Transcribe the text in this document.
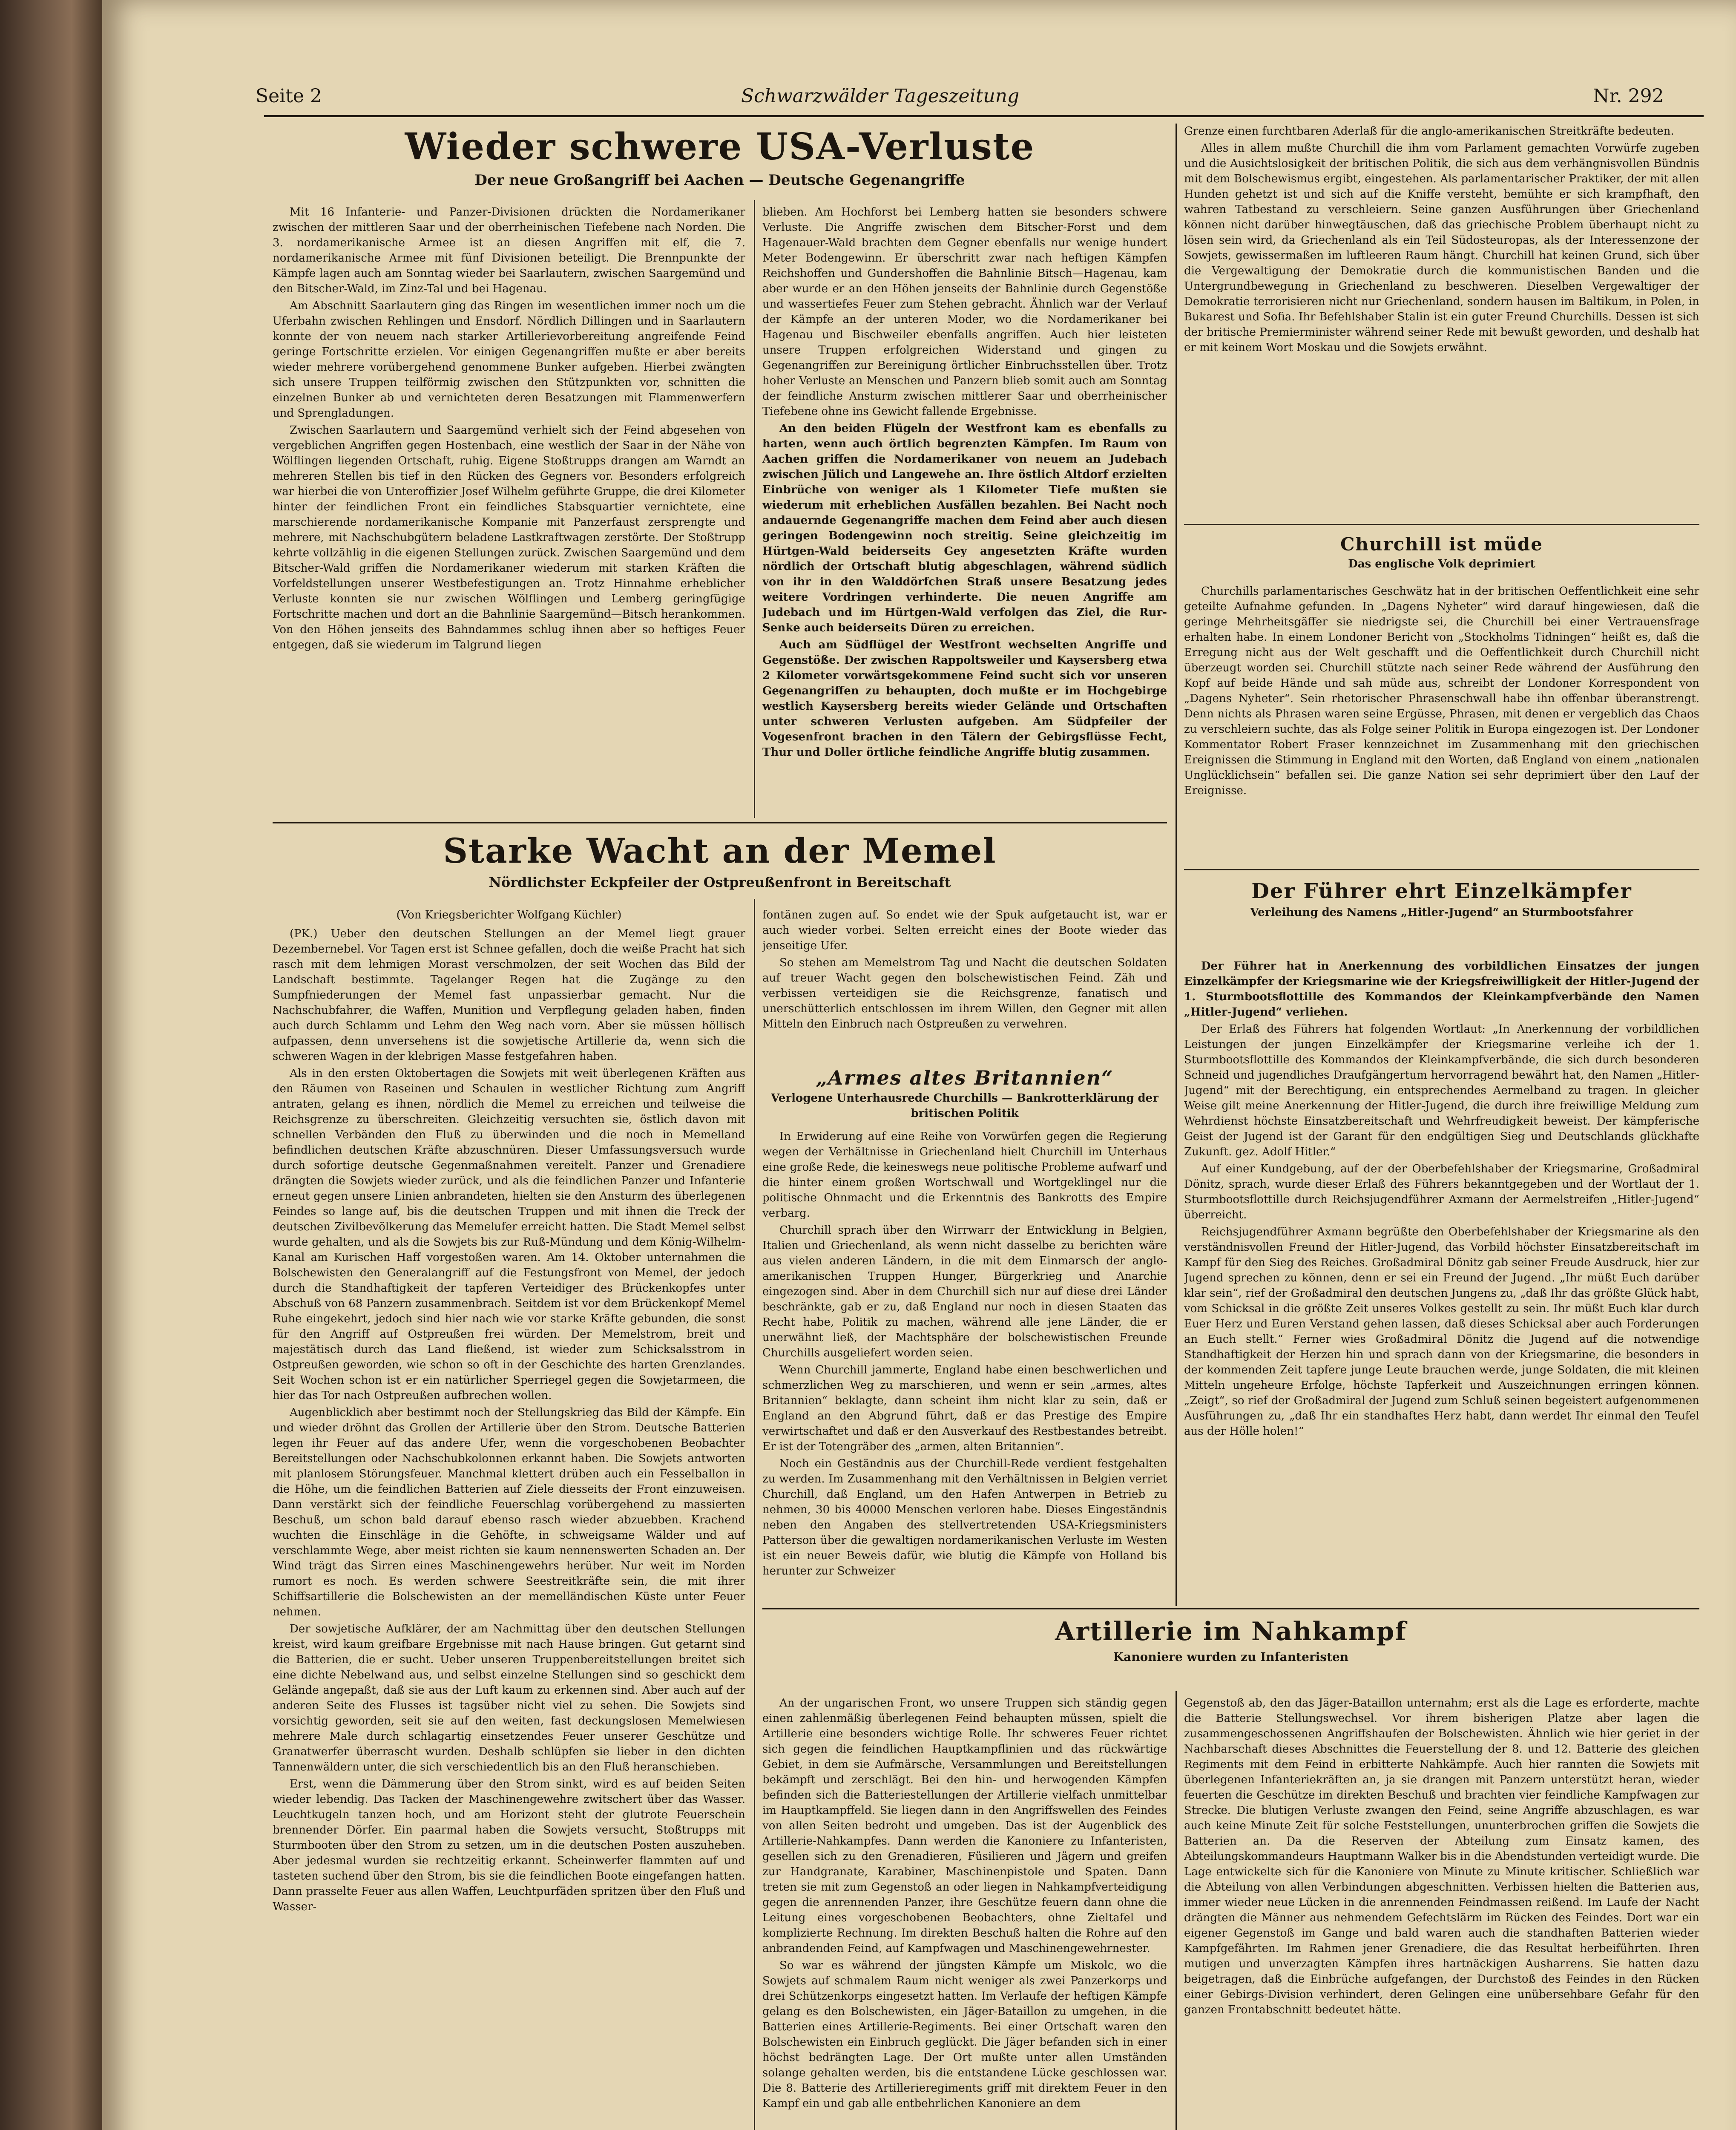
Seite 2	Schwarzwälder Tageszeitung	Nr. 292
Wieder schwere USA-Verluste

Der neue Großangriff bei Aachen — Deutsche Gegenangriffe

Mit 16 Infanterie- und Panzer-Divisionen drückten die Nordamerikaner zwischen der mittleren Saar und der oberrheinischen Tiefebene nach Norden. Die 3. nordamerikanische Armee ist an diesen Angriffen mit elf, die 7. nordamerikanische Armee mit fünf Divisionen beteiligt. Die Brennpunkte der Kämpfe lagen auch am Sonntag wieder bei Saarlautern, zwischen Saargemünd und den Bitscher-Wald, im Zinz-Tal und bei Hagenau.

Am Abschnitt Saarlautern ging das Ringen im wesentlichen immer noch um die Uferbahn zwischen Rehlingen und Ensdorf. Nördlich Dillingen und in Saarlautern konnte der von neuem nach starker Artillerievorbereitung angreifende Feind geringe Fortschritte erzielen. Vor einigen Gegenangriffen mußte er aber bereits wieder mehrere vorübergehend genommene Bunker aufgeben. Hierbei zwängten sich unsere Truppen teilförmig zwischen den Stützpunkten vor, schnitten die einzelnen Bunker ab und vernichteten deren Besatzungen mit Flammenwerfern und Sprengladungen.

Zwischen Saarlautern und Saargemünd verhielt sich der Feind abgesehen von vergeblichen Angriffen gegen Hostenbach, eine westlich der Saar in der Nähe von Wölflingen liegenden Ortschaft, ruhig. Eigene Stoßtrupps drangen am Warndt an mehreren Stellen bis tief in den Rücken des Gegners vor. Besonders erfolgreich war hierbei die von Unteroffizier Josef Wilhelm geführte Gruppe, die drei Kilometer hinter der feindlichen Front ein feindliches Stabsquartier vernichtete, eine marschierende nordamerikanische Kompanie mit Panzerfaust zersprengte und mehrere, mit Nachschubgütern beladene Lastkraftwagen zerstörte. Der Stoßtrupp kehrte vollzählig in die eigenen Stellungen zurück. Zwischen Saargemünd und dem Bitscher-Wald griffen die Nordamerikaner wiederum mit starken Kräften die Vorfeldstellungen unserer Westbefestigungen an. Trotz Hinnahme erheblicher Verluste konnten sie nur zwischen Wölflingen und Lemberg geringfügige Fortschritte machen und dort an die Bahnlinie Saargemünd—Bitsch herankommen. Von den Höhen jenseits des Bahndammes schlug ihnen aber so heftiges Feuer entgegen, daß sie wiederum im Talgrund liegen

blieben. Am Hochforst bei Lemberg hatten sie besonders schwere Verluste. Die Angriffe zwischen dem Bitscher-Forst und dem Hagenauer-Wald brachten dem Gegner ebenfalls nur wenige hundert Meter Bodengewinn. Er überschritt zwar nach heftigen Kämpfen Reichshoffen und Gundershoffen die Bahnlinie Bitsch—Hagenau, kam aber wurde er an den Höhen jenseits der Bahnlinie durch Gegenstöße und wassertiefes Feuer zum Stehen gebracht. Ähnlich war der Verlauf der Kämpfe an der unteren Moder, wo die Nordamerikaner bei Hagenau und Bischweiler ebenfalls angriffen. Auch hier leisteten unsere Truppen erfolgreichen Widerstand und gingen zu Gegenangriffen zur Bereinigung örtlicher Einbruchsstellen über. Trotz hoher Verluste an Menschen und Panzern blieb somit auch am Sonntag der feindliche Ansturm zwischen mittlerer Saar und oberrheinischer Tiefebene ohne ins Gewicht fallende Ergebnisse.

An den beiden Flügeln der Westfront kam es ebenfalls zu harten, wenn auch örtlich begrenzten Kämpfen. Im Raum von Aachen griffen die Nordamerikaner von neuem an Judebach zwischen Jülich und Langewehe an. Ihre östlich Altdorf erzielten Einbrüche von weniger als 1 Kilometer Tiefe mußten sie wiederum mit erheblichen Ausfällen bezahlen. Bei Nacht noch andauernde Gegenangriffe machen dem Feind aber auch diesen geringen Bodengewinn noch streitig. Seine gleichzeitig im Hürtgen-Wald beiderseits Gey angesetzten Kräfte wurden nördlich der Ortschaft blutig abgeschlagen, während südlich von ihr in den Walddörfchen Straß unsere Besatzung jedes weitere Vordringen verhinderte. Die neuen Angriffe am Judebach und im Hürtgen-Wald verfolgen das Ziel, die Rur-Senke auch beiderseits Düren zu erreichen.

Auch am Südflügel der Westfront wechselten Angriffe und Gegenstöße. Der zwischen Rappoltsweiler und Kaysersberg etwa 2 Kilometer vorwärtsgekommene Feind sucht sich vor unseren Gegenangriffen zu behaupten, doch mußte er im Hochgebirge westlich Kaysersberg bereits wieder Gelände und Ortschaften unter schweren Verlusten aufgeben. Am Südpfeiler der Vogesenfront brachen in den Tälern der Gebirgsflüsse Fecht, Thur und Doller örtliche feindliche Angriffe blutig zusammen.

Starke Wacht an der Memel

Nördlichster Eckpfeiler der Ostpreußenfront in Bereitschaft

(Von Kriegsberichter Wolfgang Küchler)

(PK.) Ueber den deutschen Stellungen an der Memel liegt grauer Dezembernebel. Vor Tagen erst ist Schnee gefallen, doch die weiße Pracht hat sich rasch mit dem lehmigen Morast verschmolzen, der seit Wochen das Bild der Landschaft bestimmte. Tagelanger Regen hat die Zugänge zu den Sumpfniederungen der Memel fast unpassierbar gemacht. Nur die Nachschubfahrer, die Waffen, Munition und Verpflegung geladen haben, finden auch durch Schlamm und Lehm den Weg nach vorn. Aber sie müssen höllisch aufpassen, denn unversehens ist die sowjetische Artillerie da, wenn sich die schweren Wagen in der klebrigen Masse festgefahren haben.

Als in den ersten Oktobertagen die Sowjets mit weit überlegenen Kräften aus den Räumen von Raseinen und Schaulen in westlicher Richtung zum Angriff antraten, gelang es ihnen, nördlich die Memel zu erreichen und teilweise die Reichsgrenze zu überschreiten. Gleichzeitig versuchten sie, östlich davon mit schnellen Verbänden den Fluß zu überwinden und die noch in Memelland befindlichen deutschen Kräfte abzuschnüren. Dieser Umfassungsversuch wurde durch sofortige deutsche Gegenmaßnahmen vereitelt. Panzer und Grenadiere drängten die Sowjets wieder zurück, und als die feindlichen Panzer und Infanterie erneut gegen unsere Linien anbrandeten, hielten sie den Ansturm des überlegenen Feindes so lange auf, bis die deutschen Truppen und mit ihnen die Treck der deutschen Zivilbevölkerung das Memelufer erreicht hatten. Die Stadt Memel selbst wurde gehalten, und als die Sowjets bis zur Ruß-Mündung und dem König-Wilhelm-Kanal am Kurischen Haff vorgestoßen waren. Am 14. Oktober unternahmen die Bolschewisten den Generalangriff auf die Festungsfront von Memel, der jedoch durch die Standhaftigkeit der tapferen Verteidiger des Brückenkopfes unter Abschuß von 68 Panzern zusammenbrach. Seitdem ist vor dem Brückenkopf Memel Ruhe eingekehrt, jedoch sind hier nach wie vor starke Kräfte gebunden, die sonst für den Angriff auf Ostpreußen frei würden. Der Memelstrom, breit und majestätisch durch das Land fließend, ist wieder zum Schicksalsstrom in Ostpreußen geworden, wie schon so oft in der Geschichte des harten Grenzlandes. Seit Wochen schon ist er ein natürlicher Sperriegel gegen die Sowjetarmeen, die hier das Tor nach Ostpreußen aufbrechen wollen.

Augenblicklich aber bestimmt noch der Stellungskrieg das Bild der Kämpfe. Ein und wieder dröhnt das Grollen der Artillerie über den Strom. Deutsche Batterien legen ihr Feuer auf das andere Ufer, wenn die vorgeschobenen Beobachter Bereitstellungen oder Nachschubkolonnen erkannt haben. Die Sowjets antworten mit planlosem Störungsfeuer. Manchmal klettert drüben auch ein Fesselballon in die Höhe, um die feindlichen Batterien auf Ziele diesseits der Front einzuweisen. Dann verstärkt sich der feindliche Feuerschlag vorübergehend zu massierten Beschuß, um schon bald darauf ebenso rasch wieder abzuebben. Krachend wuchten die Einschläge in die Gehöfte, in schweigsame Wälder und auf verschlammte Wege, aber meist richten sie kaum nennenswerten Schaden an. Der Wind trägt das Sirren eines Maschinengewehrs herüber. Nur weit im Norden rumort es noch. Es werden schwere Seestreitkräfte sein, die mit ihrer Schiffsartillerie die Bolschewisten an der memelländischen Küste unter Feuer nehmen.

Der sowjetische Aufklärer, der am Nachmittag über den deutschen Stellungen kreist, wird kaum greifbare Ergebnisse mit nach Hause bringen. Gut getarnt sind die Batterien, die er sucht. Ueber unseren Truppenbereitstellungen breitet sich eine dichte Nebelwand aus, und selbst einzelne Stellungen sind so geschickt dem Gelände angepaßt, daß sie aus der Luft kaum zu erkennen sind. Aber auch auf der anderen Seite des Flusses ist tagsüber nicht viel zu sehen. Die Sowjets sind vorsichtig geworden, seit sie auf den weiten, fast deckungslosen Memelwiesen mehrere Male durch schlagartig einsetzendes Feuer unserer Geschütze und Granatwerfer überrascht wurden. Deshalb schlüpfen sie lieber in den dichten Tannenwäldern unter, die sich verschiedentlich bis an den Fluß heranschieben.

Erst, wenn die Dämmerung über den Strom sinkt, wird es auf beiden Seiten wieder lebendig. Das Tacken der Maschinengewehre zwitschert über das Wasser. Leuchtkugeln tanzen hoch, und am Horizont steht der glutrote Feuerschein brennender Dörfer. Ein paarmal haben die Sowjets versucht, Stoßtrupps mit Sturmbooten über den Strom zu setzen, um in die deutschen Posten auszuheben. Aber jedesmal wurden sie rechtzeitig erkannt. Scheinwerfer flammten auf und tasteten suchend über den Strom, bis sie die feindlichen Boote eingefangen hatten. Dann prasselte Feuer aus allen Waffen, Leuchtpurfäden spritzen über den Fluß und Wasser-

fontänen zugen auf. So endet wie der Spuk aufgetaucht ist, war er auch wieder vorbei. Selten erreicht eines der Boote wieder das jenseitige Ufer.

So stehen am Memelstrom Tag und Nacht die deutschen Soldaten auf treuer Wacht gegen den bolschewistischen Feind. Zäh und verbissen verteidigen sie die Reichsgrenze, fanatisch und unerschütterlich entschlossen im ihrem Willen, den Gegner mit allen Mitteln den Einbruch nach Ostpreußen zu verwehren.

„Armes altes Britannien“

Verlogene Unterhausrede Churchills — Bankrotterklärung der britischen Politik

In Erwiderung auf eine Reihe von Vorwürfen gegen die Regierung wegen der Verhältnisse in Griechenland hielt Churchill im Unterhaus eine große Rede, die keineswegs neue politische Probleme aufwarf und die hinter einem großen Wortschwall und Wortgeklingel nur die politische Ohnmacht und die Erkenntnis des Bankrotts des Empire verbarg.

Churchill sprach über den Wirrwarr der Entwicklung in Belgien, Italien und Griechenland, als wenn nicht dasselbe zu berichten wäre aus vielen anderen Ländern, in die mit dem Einmarsch der anglo-amerikanischen Truppen Hunger, Bürgerkrieg und Anarchie eingezogen sind. Aber in dem Churchill sich nur auf diese drei Länder beschränkte, gab er zu, daß England nur noch in diesen Staaten das Recht habe, Politik zu machen, während alle jene Länder, die er unerwähnt ließ, der Machtsphäre der bolschewistischen Freunde Churchills ausgeliefert worden seien.

Wenn Churchill jammerte, England habe einen beschwerlichen und schmerzlichen Weg zu marschieren, und wenn er sein „armes, altes Britannien“ beklagte, dann scheint ihm nicht klar zu sein, daß er England an den Abgrund führt, daß er das Prestige des Empire verwirtschaftet und daß er den Ausverkauf des Restbestandes betreibt. Er ist der Totengräber des „armen, alten Britannien“.

Noch ein Geständnis aus der Churchill-Rede verdient festgehalten zu werden. Im Zusammenhang mit den Verhältnissen in Belgien verriet Churchill, daß England, um den Hafen Antwerpen in Betrieb zu nehmen, 30 bis 40000 Menschen verloren habe. Dieses Eingeständnis neben den Angaben des stellvertretenden USA-Kriegsministers Patterson über die gewaltigen nordamerikanischen Verluste im Westen ist ein neuer Beweis dafür, wie blutig die Kämpfe von Holland bis herunter zur Schweizer

Grenze einen furchtbaren Aderlaß für die anglo-amerikanischen Streitkräfte bedeuten.

Alles in allem mußte Churchill die ihm vom Parlament gemachten Vorwürfe zugeben und die Ausichtslosigkeit der britischen Politik, die sich aus dem verhängnisvollen Bündnis mit dem Bolschewismus ergibt, eingestehen. Als parlamentarischer Praktiker, der mit allen Hunden gehetzt ist und sich auf die Kniffe versteht, bemühte er sich krampfhaft, den wahren Tatbestand zu verschleiern. Seine ganzen Ausführungen über Griechenland können nicht darüber hinwegtäuschen, daß das griechische Problem überhaupt nicht zu lösen sein wird, da Griechenland als ein Teil Südosteuropas, als der Interessenzone der Sowjets, gewissermaßen im luftleeren Raum hängt. Churchill hat keinen Grund, sich über die Vergewaltigung der Demokratie durch die kommunistischen Banden und die Untergrundbewegung in Griechenland zu beschweren. Dieselben Vergewaltiger der Demokratie terrorisieren nicht nur Griechenland, sondern hausen im Baltikum, in Polen, in Bukarest und Sofia. Ihr Befehlshaber Stalin ist ein guter Freund Churchills. Dessen ist sich der britische Premierminister während seiner Rede mit bewußt geworden, und deshalb hat er mit keinem Wort Moskau und die Sowjets erwähnt.

Churchill ist müde

Das englische Volk deprimiert

Churchills parlamentarisches Geschwätz hat in der britischen Oeffentlichkeit eine sehr geteilte Aufnahme gefunden. In „Dagens Nyheter“ wird darauf hingewiesen, daß die geringe Mehrheitsgäffer sie niedrigste sei, die Churchill bei einer Vertrauensfrage erhalten habe. In einem Londoner Bericht von „Stockholms Tidningen“ heißt es, daß die Erregung nicht aus der Welt geschafft und die Oeffentlichkeit durch Churchill nicht überzeugt worden sei. Churchill stützte nach seiner Rede während der Ausführung den Kopf auf beide Hände und sah müde aus, schreibt der Londoner Korrespondent von „Dagens Nyheter“. Sein rhetorischer Phrasenschwall habe ihn offenbar überanstrengt. Denn nichts als Phrasen waren seine Ergüsse, Phrasen, mit denen er vergeblich das Chaos zu verschleiern suchte, das als Folge seiner Politik in Europa eingezogen ist. Der Londoner Kommentator Robert Fraser kennzeichnet im Zusammenhang mit den griechischen Ereignissen die Stimmung in England mit den Worten, daß England von einem „nationalen Unglücklichsein“ befallen sei. Die ganze Nation sei sehr deprimiert über den Lauf der Ereignisse.

Der Führer ehrt Einzelkämpfer

Verleihung des Namens „Hitler-Jugend“ an Sturmbootsfahrer

Der Führer hat in Anerkennung des vorbildlichen Einsatzes der jungen Einzelkämpfer der Kriegsmarine wie der Kriegsfreiwilligkeit der Hitler-Jugend der 1. Sturmbootsflottille des Kommandos der Kleinkampfverbände den Namen „Hitler-Jugend“ verliehen.

Der Erlaß des Führers hat folgenden Wortlaut: „In Anerkennung der vorbildlichen Leistungen der jungen Einzelkämpfer der Kriegsmarine verleihe ich der 1. Sturmbootsflottille des Kommandos der Kleinkampfverbände, die sich durch besonderen Schneid und jugendliches Draufgängertum hervorragend bewährt hat, den Namen „Hitler-Jugend“ mit der Berechtigung, ein entsprechendes Aermelband zu tragen. In gleicher Weise gilt meine Anerkennung der Hitler-Jugend, die durch ihre freiwillige Meldung zum Wehrdienst höchste Einsatzbereitschaft und Wehrfreudigkeit beweist. Der kämpferische Geist der Jugend ist der Garant für den endgültigen Sieg und Deutschlands glückhafte Zukunft. gez. Adolf Hitler.“

Auf einer Kundgebung, auf der der Oberbefehlshaber der Kriegsmarine, Großadmiral Dönitz, sprach, wurde dieser Erlaß des Führers bekanntgegeben und der Wortlaut der 1. Sturmbootsflottille durch Reichsjugendführer Axmann der Aermelstreifen „Hitler-Jugend“ überreicht.

Reichsjugendführer Axmann begrüßte den Oberbefehlshaber der Kriegsmarine als den verständnisvollen Freund der Hitler-Jugend, das Vorbild höchster Einsatzbereitschaft im Kampf für den Sieg des Reiches. Großadmiral Dönitz gab seiner Freude Ausdruck, hier zur Jugend sprechen zu können, denn er sei ein Freund der Jugend. „Ihr müßt Euch darüber klar sein“, rief der Großadmiral den deutschen Jungens zu, „daß Ihr das größte Glück habt, vom Schicksal in die größte Zeit unseres Volkes gestellt zu sein. Ihr müßt Euch klar durch Euer Herz und Euren Verstand gehen lassen, daß dieses Schicksal aber auch Forderungen an Euch stellt.“ Ferner wies Großadmiral Dönitz die Jugend auf die notwendige Standhaftigkeit der Herzen hin und sprach dann von der Kriegsmarine, die besonders in der kommenden Zeit tapfere junge Leute brauchen werde, junge Soldaten, die mit kleinen Mitteln ungeheure Erfolge, höchste Tapferkeit und Auszeichnungen erringen können. „Zeigt“, so rief der Großadmiral der Jugend zum Schluß seinen begeistert aufgenommenen Ausführungen zu, „daß Ihr ein standhaftes Herz habt, dann werdet Ihr einmal den Teufel aus der Hölle holen!“

Artillerie im Nahkampf

Kanoniere wurden zu Infanteristen

An der ungarischen Front, wo unsere Truppen sich ständig gegen einen zahlenmäßig überlegenen Feind behaupten müssen, spielt die Artillerie eine besonders wichtige Rolle. Ihr schweres Feuer richtet sich gegen die feindlichen Hauptkampflinien und das rückwärtige Gebiet, in dem sie Aufmärsche, Versammlungen und Bereitstellungen bekämpft und zerschlägt. Bei den hin- und herwogenden Kämpfen befinden sich die Batteriestellungen der Artillerie vielfach unmittelbar im Hauptkampffeld. Sie liegen dann in den Angriffswellen des Feindes von allen Seiten bedroht und umgeben. Das ist der Augenblick des Artillerie-Nahkampfes. Dann werden die Kanoniere zu Infanteristen, gesellen sich zu den Grenadieren, Füsilieren und Jägern und greifen zur Handgranate, Karabiner, Maschinenpistole und Spaten. Dann treten sie mit zum Gegenstoß an oder liegen in Nahkampfverteidigung gegen die anrennenden Panzer, ihre Geschütze feuern dann ohne die Leitung eines vorgeschobenen Beobachters, ohne Zieltafel und komplizierte Rechnung. Im direkten Beschuß halten die Rohre auf den anbrandenden Feind, auf Kampfwagen und Maschinengewehrnester.

So war es während der jüngsten Kämpfe um Miskolc, wo die Sowjets auf schmalem Raum nicht weniger als zwei Panzerkorps und drei Schützenkorps eingesetzt hatten. Im Verlaufe der heftigen Kämpfe gelang es den Bolschewisten, ein Jäger-Bataillon zu umgehen, in die Batterien eines Artillerie-Regiments. Bei einer Ortschaft waren den Bolschewisten ein Einbruch geglückt. Die Jäger befanden sich in einer höchst bedrängten Lage. Der Ort mußte unter allen Umständen solange gehalten werden, bis die entstandene Lücke geschlossen war. Die 8. Batterie des Artillerieregiments griff mit direktem Feuer in den Kampf ein und gab alle entbehrlichen Kanoniere an dem

Gegenstoß ab, den das Jäger-Bataillon unternahm; erst als die Lage es erforderte, machte die Batterie Stellungswechsel. Vor ihrem bisherigen Platze aber lagen die zusammengeschossenen Angriffshaufen der Bolschewisten. Ähnlich wie hier geriet in der Nachbarschaft dieses Abschnittes die Feuerstellung der 8. und 12. Batterie des gleichen Regiments mit dem Feind in erbitterte Nahkämpfe. Auch hier rannten die Sowjets mit überlegenen Infanteriekräften an, ja sie drangen mit Panzern unterstützt heran, wieder feuerten die Geschütze im direkten Beschuß und brachten vier feindliche Kampfwagen zur Strecke. Die blutigen Verluste zwangen den Feind, seine Angriffe abzuschlagen, es war auch keine Minute Zeit für solche Feststellungen, ununterbrochen griffen die Sowjets die Batterien an. Da die Reserven der Abteilung zum Einsatz kamen, des Abteilungskommandeurs Hauptmann Walker bis in die Abendstunden verteidigt wurde. Die Lage entwickelte sich für die Kanoniere von Minute zu Minute kritischer. Schließlich war die Abteilung von allen Verbindungen abgeschnitten. Verbissen hielten die Batterien aus, immer wieder neue Lücken in die anrennenden Feindmassen reißend. Im Laufe der Nacht drängten die Männer aus nehmendem Gefechtslärm im Rücken des Feindes. Dort war ein eigener Gegenstoß im Gange und bald waren auch die standhaften Batterien wieder Kampfgefährten. Im Rahmen jener Grenadiere, die das Resultat herbeiführten. Ihren mutigen und unverzagten Kämpfen ihres hartnäckigen Ausharrens. Sie hatten dazu beigetragen, daß die Einbrüche aufgefangen, der Durchstoß des Feindes in den Rücken einer Gebirgs-Division verhindert, deren Gelingen eine unübersehbare Gefahr für den ganzen Frontabschnitt bedeutet hätte.
